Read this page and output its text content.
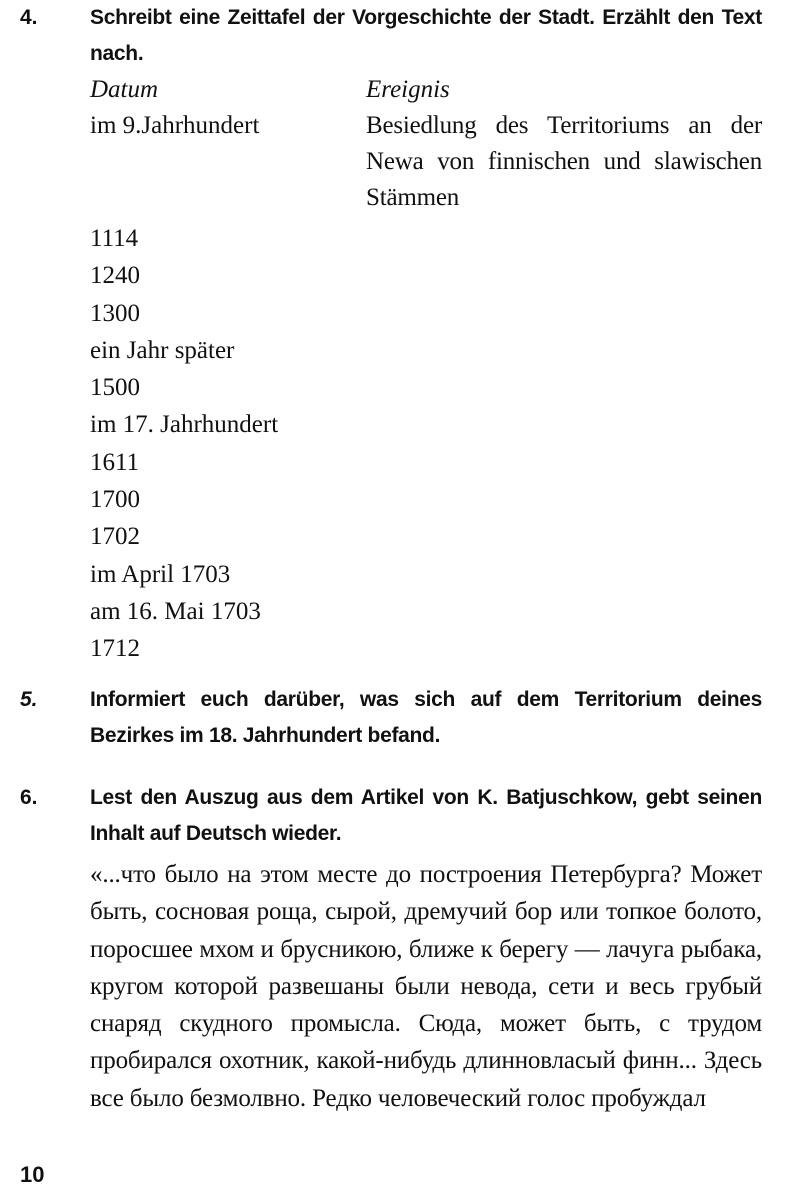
4. Schreibt eine Zeittafel der Vorgeschichte der Stadt. Erzählt den Text nach.
Datum	Ereignis
im 9.Jahrhundert	Besiedlung des Territoriums an der Newa von finnischen und slawischen Stämmen
1114
1240
1300
ein Jahr später
1500
im 17. Jahrhundert
1611
1700
1702
im April 1703
am 16. Mai 1703
1712
5. Informiert euch darüber, was sich auf dem Territorium deines Bezirkes im 18. Jahrhundert befand.
6. Lest den Auszug aus dem Artikel von K. Batjuschkow, gebt seinen Inhalt auf Deutsch wieder.
«...что было на этом месте до построения Петербурга? Может быть, сосновая роща, сырой, дремучий бор или топкое болото, поросшее мхом и брусникою, ближе к берегу — лачуга рыбака, кругом которой развешаны были невода, сети и весь грубый снаряд скудного промысла. Сюда, может быть, с трудом пробирался охотник, какой-нибудь длинновласый финн... Здесь все было безмолвно. Редко человеческий голос пробуждал
10
